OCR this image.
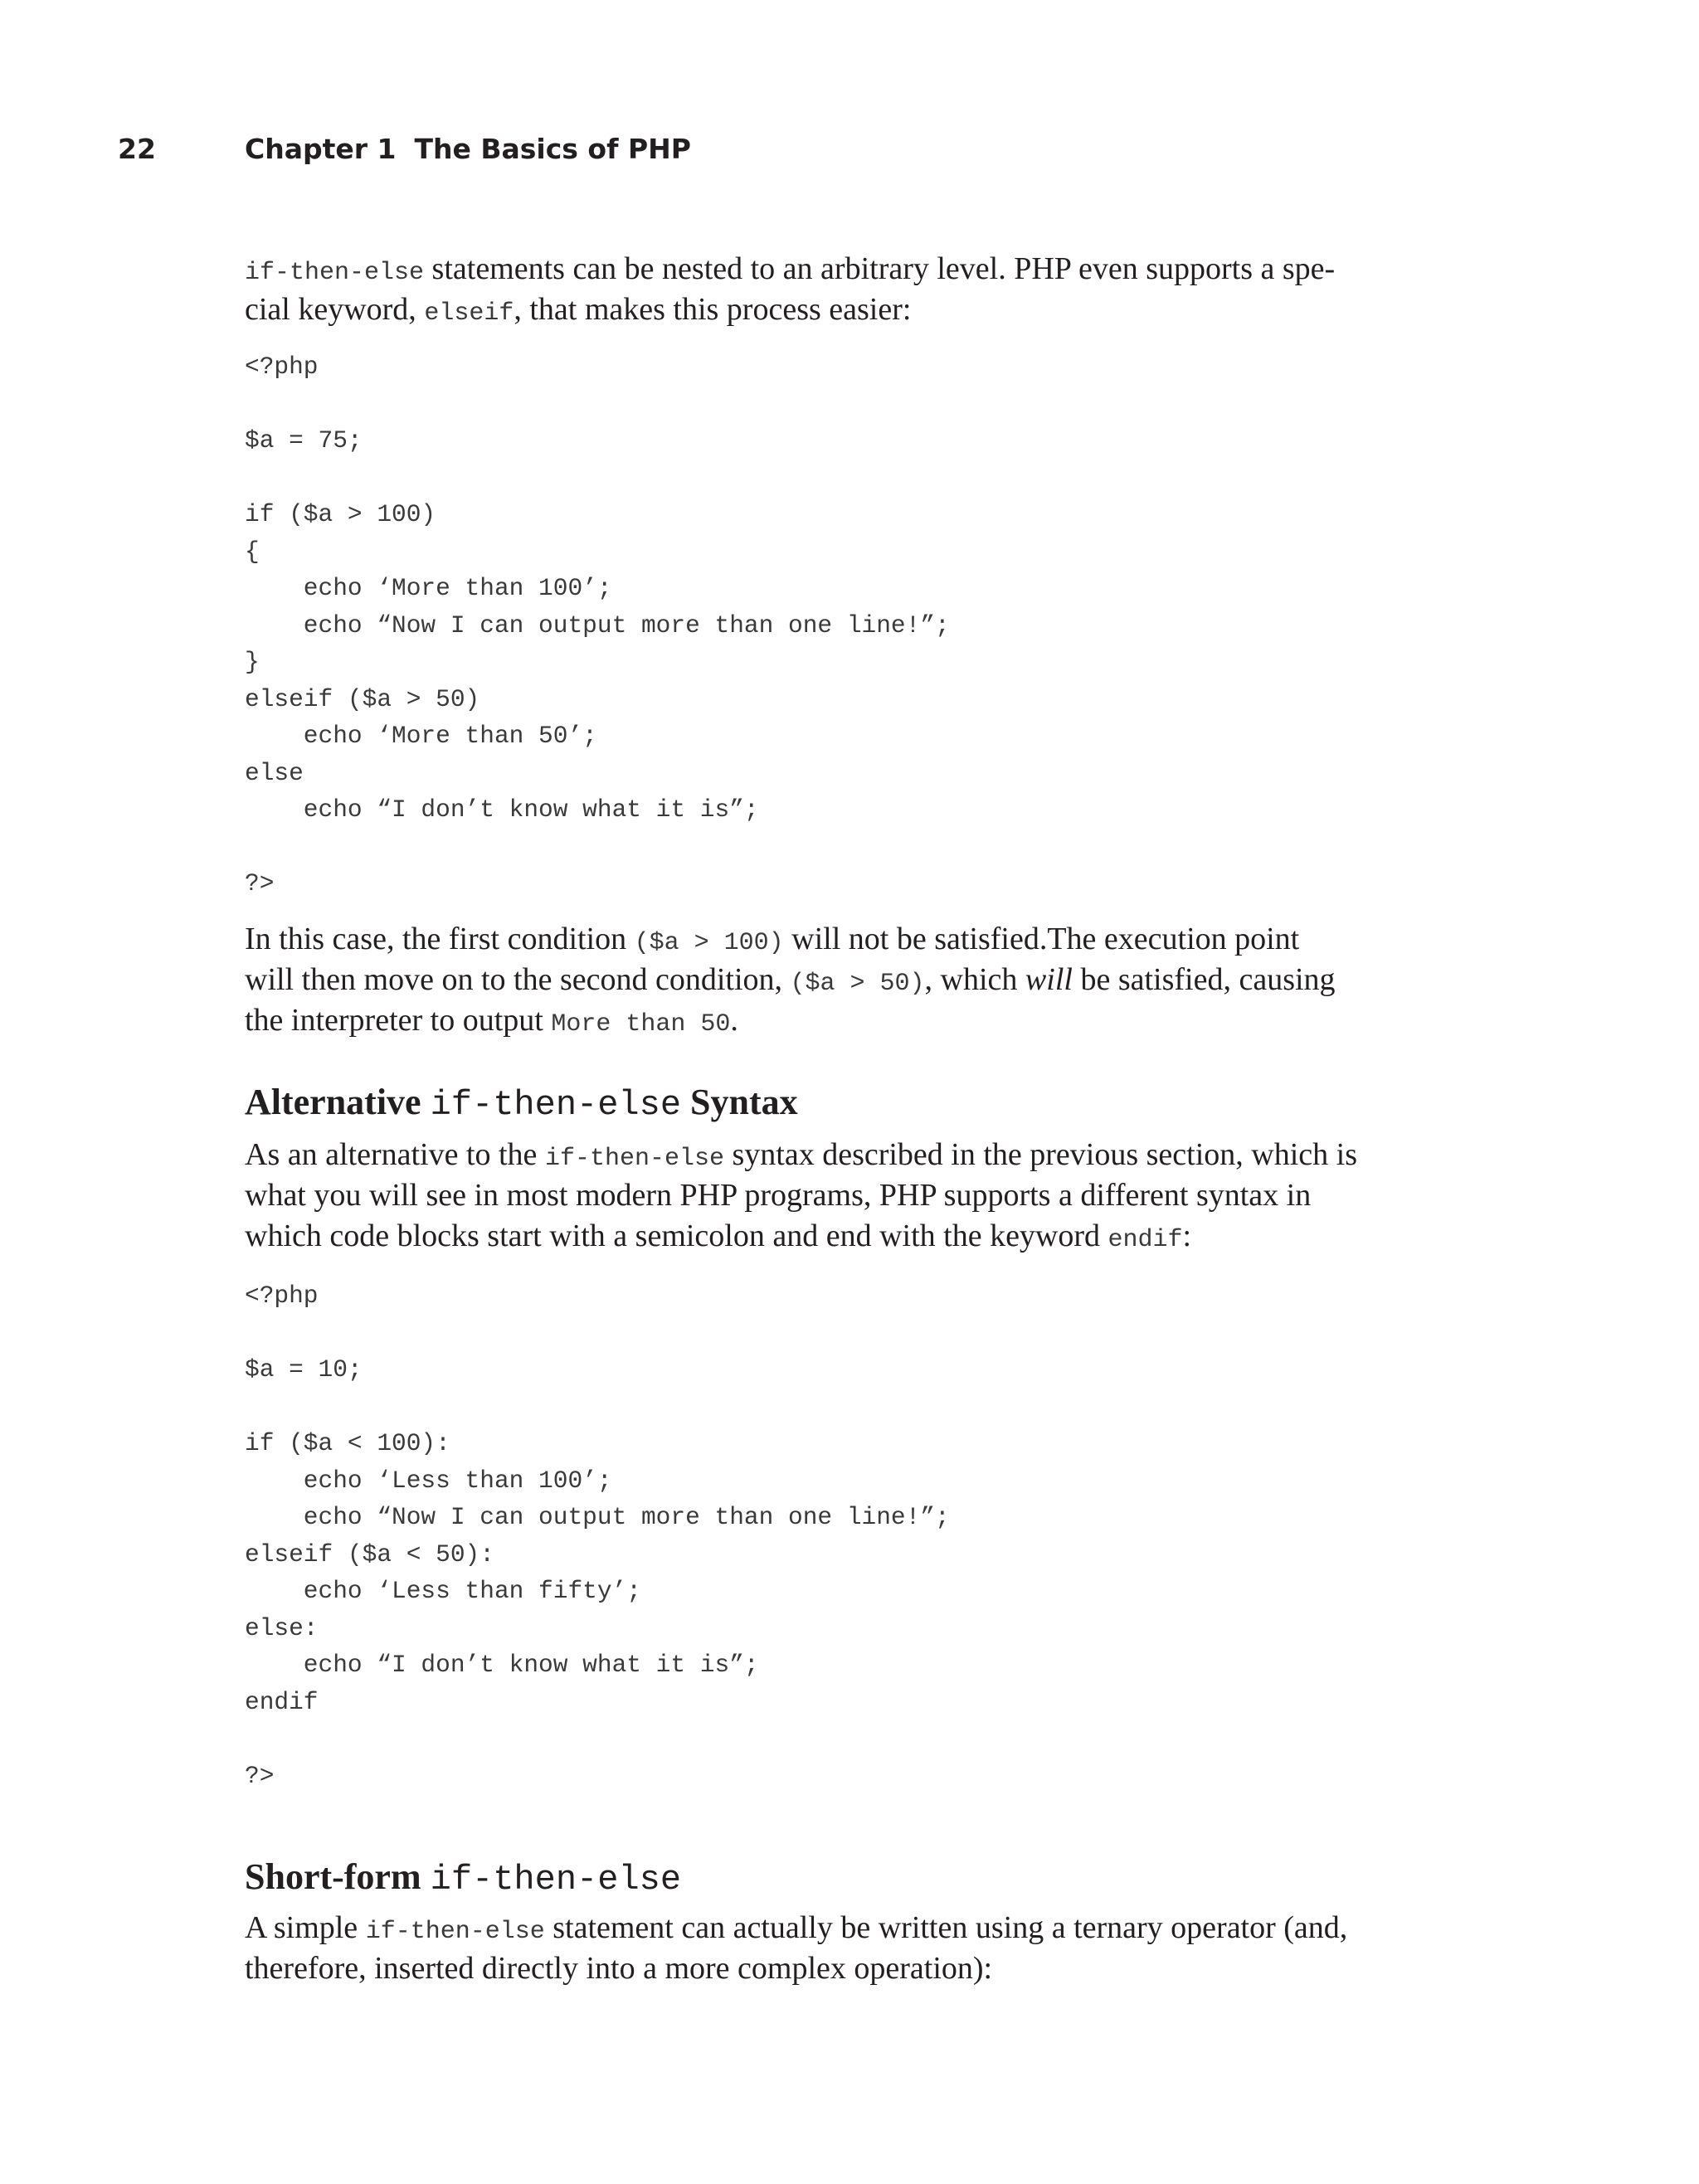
22	Chapter 1 The Basics of PHP

if-then-else statements can be nested to an arbitrary level. PHP even supports a spe-
cial keyword, elseif, that makes this process easier:

<?php
$a = 75;
if ($a > 100)
{
echo ‘More than 100’;
echo “Now I can output more than one line!”;
}
elseif ($a > 50)
echo ‘More than 50’;
else
echo “I don’t know what it is”;
?>

In this case, the first condition ($a > 100) will not be satisfied.The execution point
will then move on to the second condition, ($a > 50), which will be satisfied, causing
the interpreter to output More than 50.

Alternative if-then-else Syntax

As an alternative to the if-then-else syntax described in the previous section, which is
what you will see in most modern PHP programs, PHP supports a different syntax in
which code blocks start with a semicolon and end with the keyword endif:

<?php
$a = 10;
if ($a < 100):
echo ‘Less than 100’;
echo “Now I can output more than one line!”;
elseif ($a < 50):
echo ‘Less than fifty’;
else:
echo “I don’t know what it is”;
endif
?>
Short-form if-then-else

A simple if-then-else statement can actually be written using a ternary operator (and,
therefore, inserted directly into a more complex operation):
